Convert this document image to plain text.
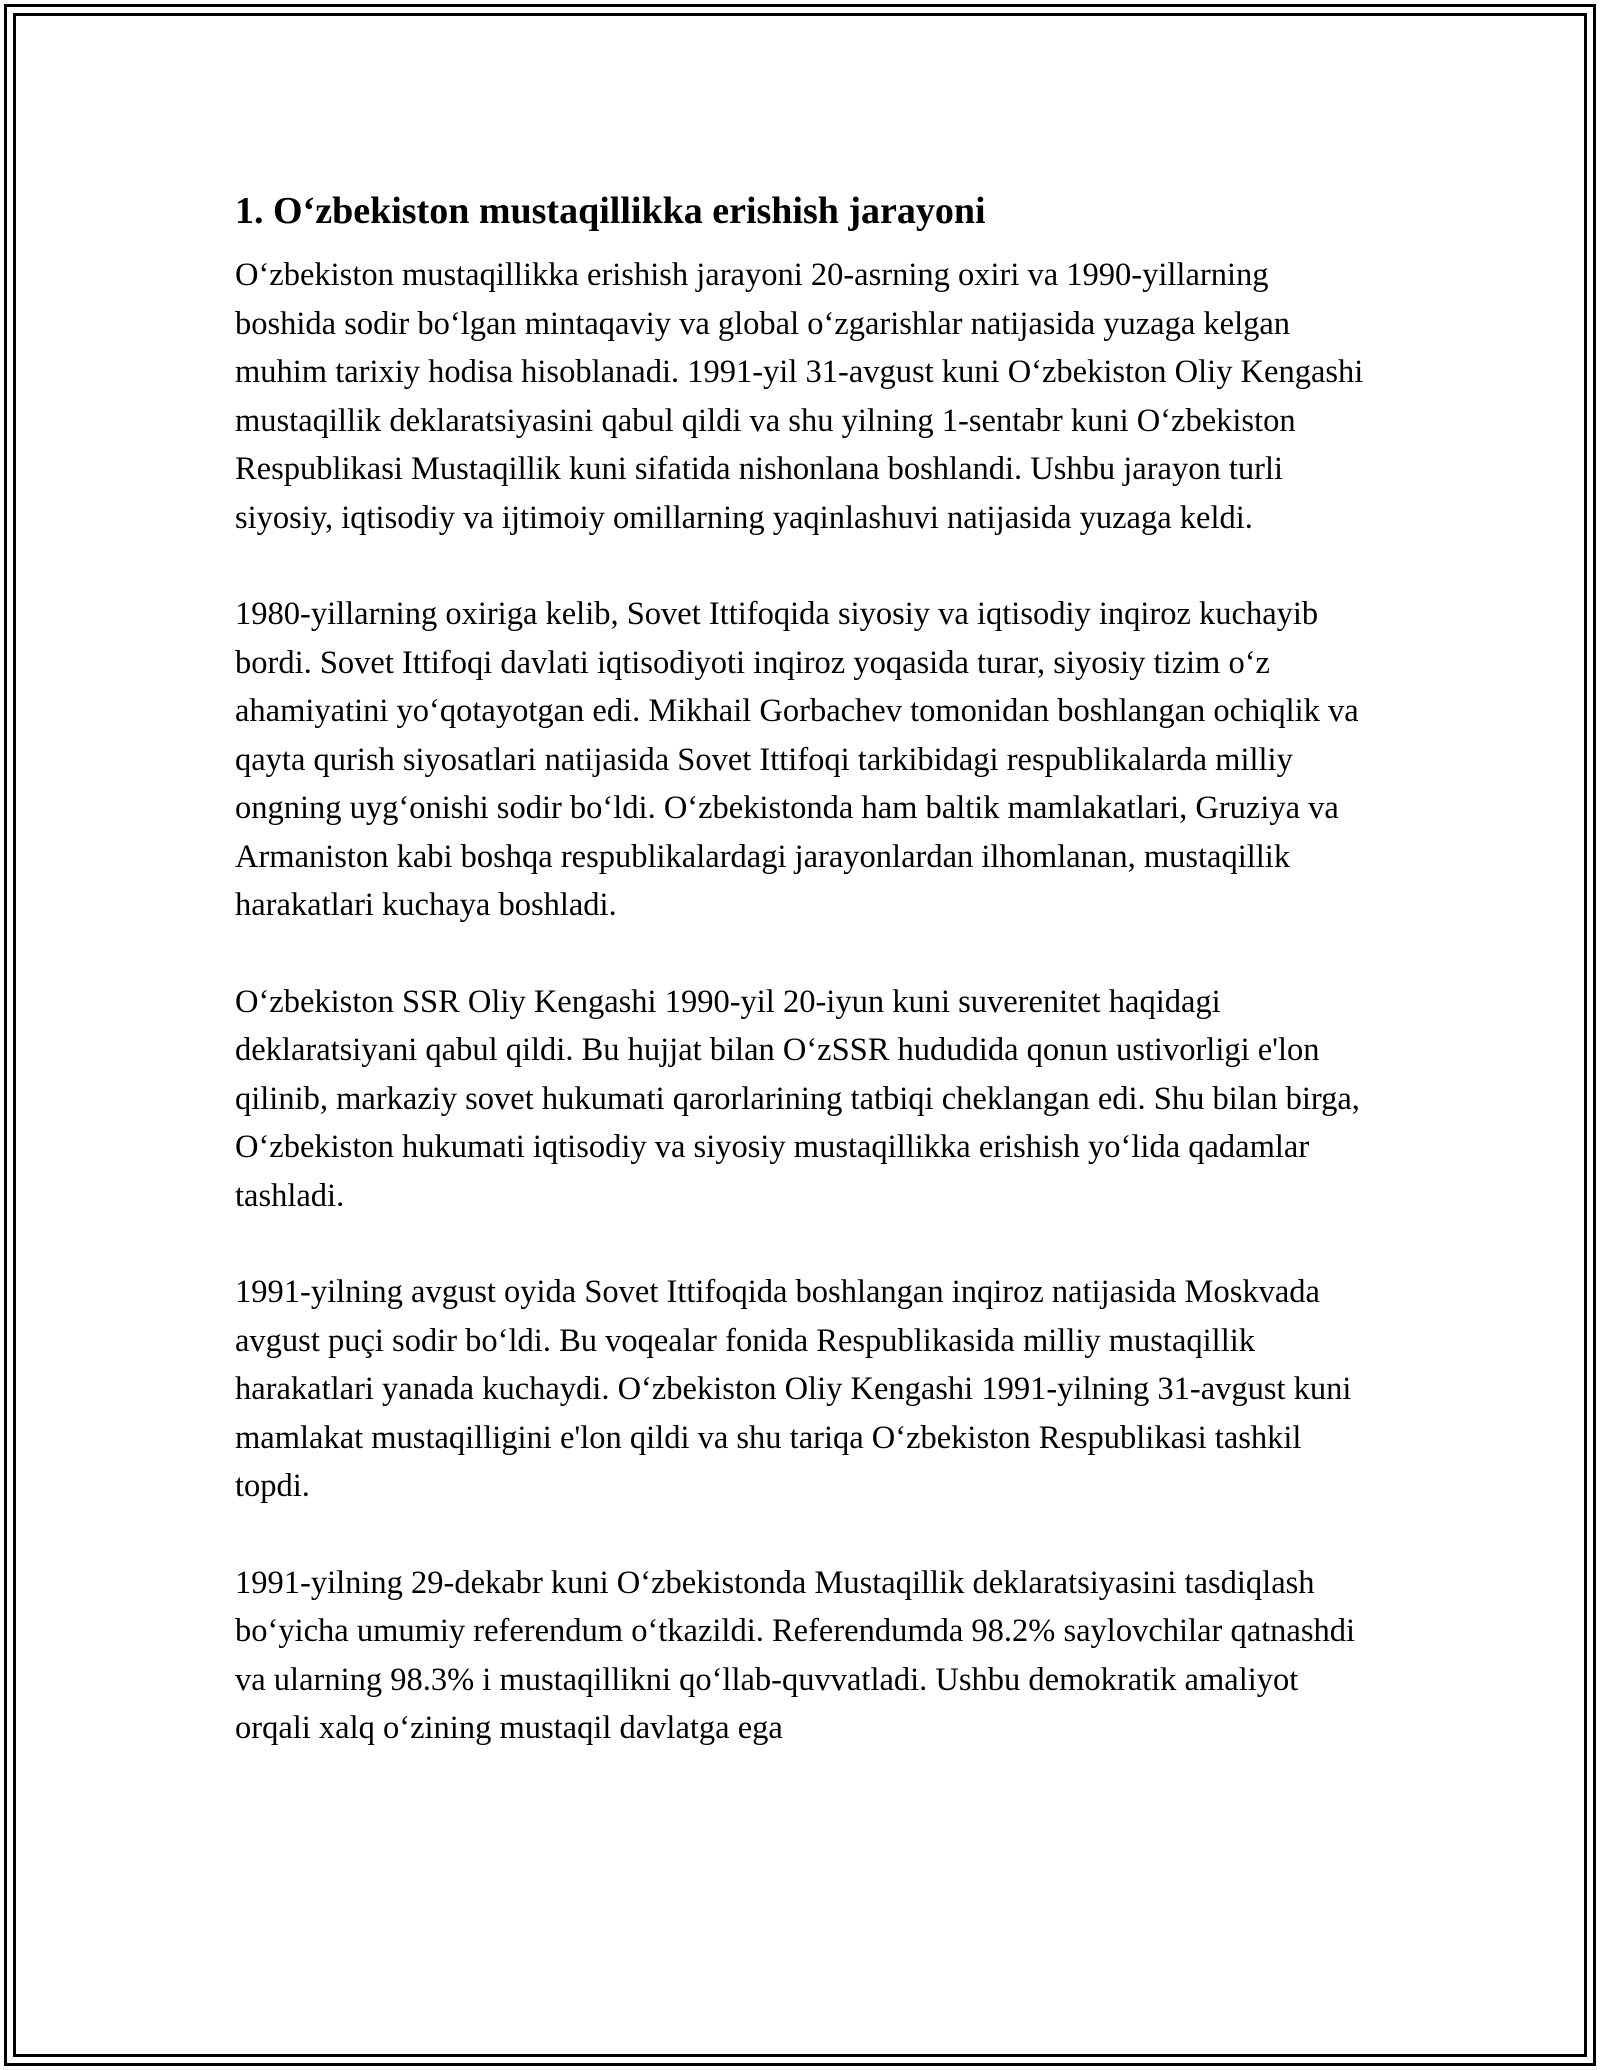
1. O‘zbekiston mustaqillikka erishish jarayoni

O‘zbekiston mustaqillikka erishish jarayoni 20-asrning oxiri va 1990-yillarning boshida sodir bo‘lgan mintaqaviy va global o‘zgarishlar natijasida yuzaga kelgan muhim tarixiy hodisa hisoblanadi. 1991-yil 31-avgust kuni O‘zbekiston Oliy Kengashi mustaqillik deklaratsiyasini qabul qildi va shu yilning 1-sentabr kuni O‘zbekiston Respublikasi Mustaqillik kuni sifatida nishonlana boshlandi. Ushbu jarayon turli siyosiy, iqtisodiy va ijtimoiy omillarning yaqinlashuvi natijasida yuzaga keldi.

1980-yillarning oxiriga kelib, Sovet Ittifoqida siyosiy va iqtisodiy inqiroz kuchayib bordi. Sovet Ittifoqi davlati iqtisodiyoti inqiroz yoqasida turar, siyosiy tizim o‘z ahamiyatini yo‘qotayotgan edi. Mikhail Gorbachev tomonidan boshlangan ochiqlik va qayta qurish siyosatlari natijasida Sovet Ittifoqi tarkibidagi respublikalarda milliy ongning uyg‘onishi sodir bo‘ldi. O‘zbekistonda ham baltik mamlakatlari, Gruziya va Armaniston kabi boshqa respublikalardagi jarayonlardan ilhomlanan, mustaqillik harakatlari kuchaya boshladi.

O‘zbekiston SSR Oliy Kengashi 1990-yil 20-iyun kuni suverenitet haqidagi deklaratsiyani qabul qildi. Bu hujjat bilan O‘zSSR hududida qonun ustivorligi e'lon qilinib, markaziy sovet hukumati qarorlarining tatbiqi cheklangan edi. Shu bilan birga, O‘zbekiston hukumati iqtisodiy va siyosiy mustaqillikka erishish yo‘lida qadamlar tashladi.

1991-yilning avgust oyida Sovet Ittifoqida boshlangan inqiroz natijasida Moskvada avgust puçi sodir bo‘ldi. Bu voqealar fonida Respublikasida milliy mustaqillik harakatlari yanada kuchaydi. O‘zbekiston Oliy Kengashi 1991-yilning 31-avgust kuni mamlakat mustaqilligini e'lon qildi va shu tariqa O‘zbekiston Respublikasi tashkil topdi.

1991-yilning 29-dekabr kuni O‘zbekistonda Mustaqillik deklaratsiyasini tasdiqlash bo‘yicha umumiy referendum o‘tkazildi. Referendumda 98.2% saylovchilar qatnashdi va ularning 98.3% i mustaqillikni qo‘llab-quvvatladi. Ushbu demokratik amaliyot orqali xalq o‘zining mustaqil davlatga ega
